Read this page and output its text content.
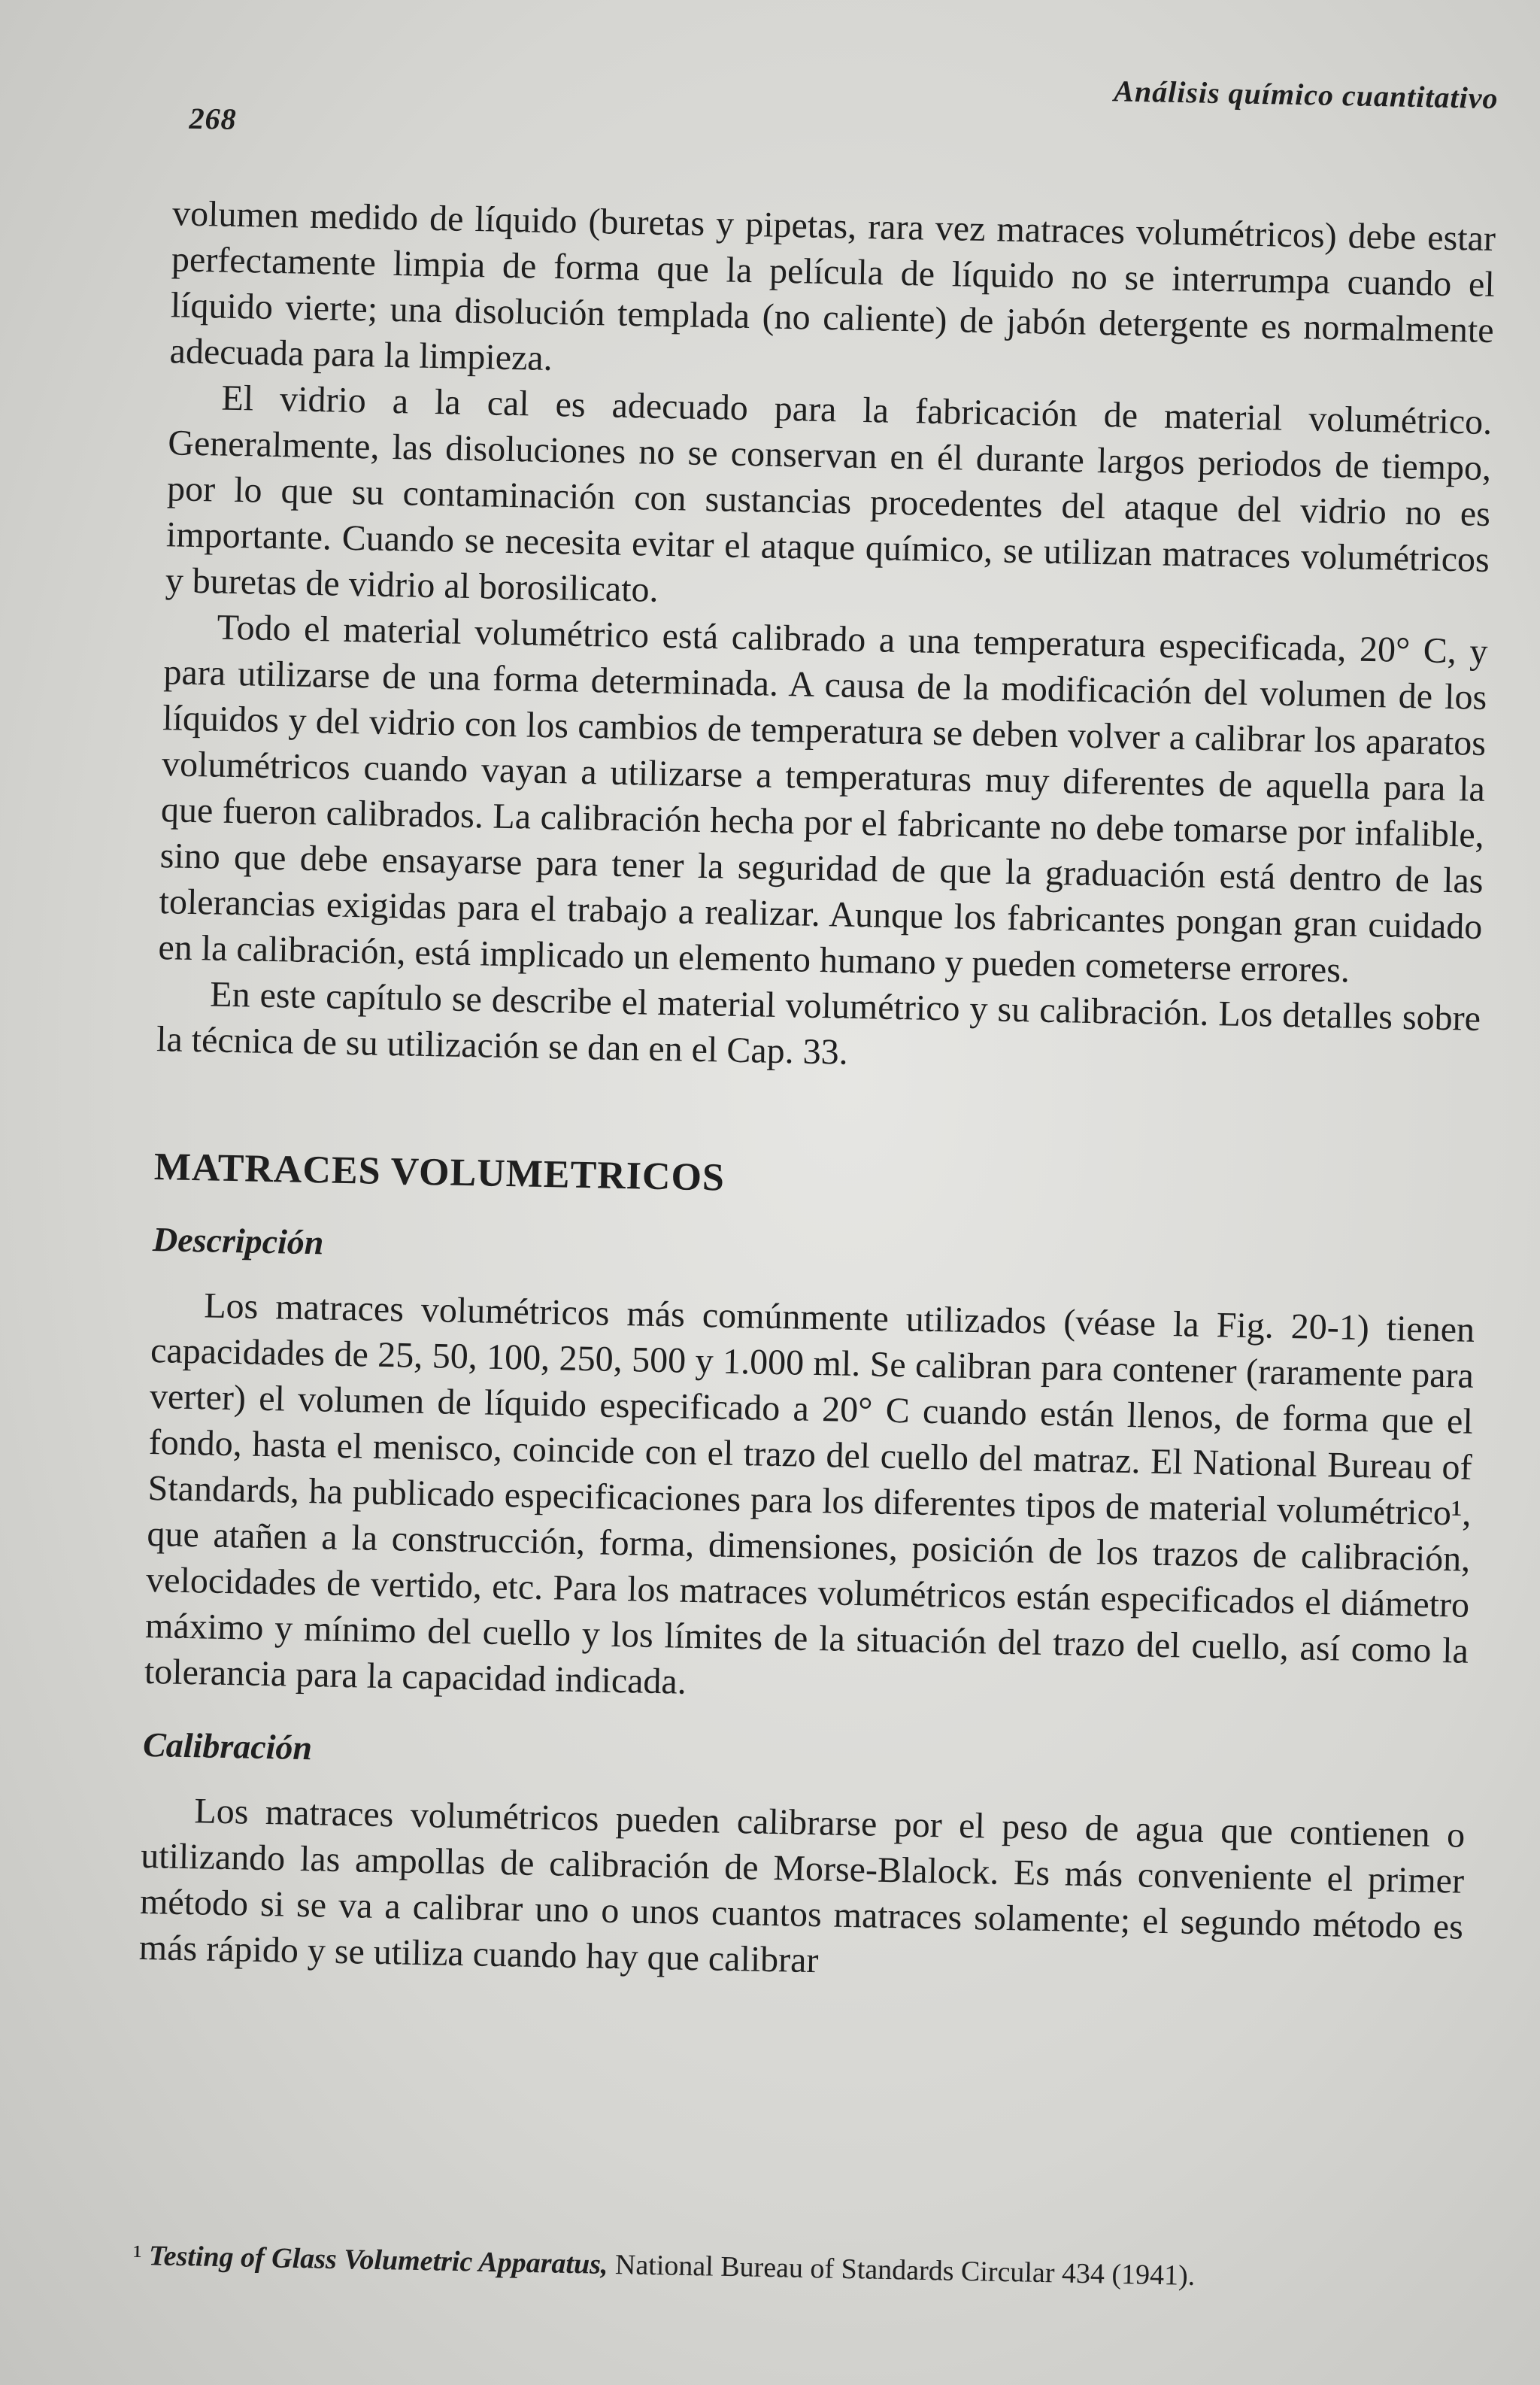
268
Análisis químico cuantitativo

volumen medido de líquido (buretas y pipetas, rara vez matraces volumétricos) debe estar perfectamente limpia de forma que la película de líquido no se interrumpa cuando el líquido vierte; una disolución templada (no caliente) de jabón detergente es normalmente adecuada para la limpieza.

El vidrio a la cal es adecuado para la fabricación de material volumétrico. Generalmente, las disoluciones no se conservan en él durante largos periodos de tiempo, por lo que su contaminación con sustancias procedentes del ataque del vidrio no es importante. Cuando se necesita evitar el ataque químico, se utilizan matraces volumétricos y buretas de vidrio al borosilicato.

Todo el material volumétrico está calibrado a una temperatura especificada, 20° C, y para utilizarse de una forma determinada. A causa de la modificación del volumen de los líquidos y del vidrio con los cambios de temperatura se deben volver a calibrar los aparatos volumétricos cuando vayan a utilizarse a temperaturas muy diferentes de aquella para la que fueron calibrados. La calibración hecha por el fabricante no debe tomarse por infalible, sino que debe ensayarse para tener la seguridad de que la graduación está dentro de las tolerancias exigidas para el trabajo a realizar. Aunque los fabricantes pongan gran cuidado en la calibración, está implicado un elemento humano y pueden cometerse errores.

En este capítulo se describe el material volumétrico y su calibración. Los detalles sobre la técnica de su utilización se dan en el Cap. 33.

MATRACES VOLUMETRICOS
Descripción

Los matraces volumétricos más comúnmente utilizados (véase la Fig. 20-1) tienen capacidades de 25, 50, 100, 250, 500 y 1.000 ml. Se calibran para contener (raramente para verter) el volumen de líquido especificado a 20° C cuando están llenos, de forma que el fondo, hasta el menisco, coincide con el trazo del cuello del matraz. El National Bureau of Standards, ha publicado especificaciones para los diferentes tipos de material volumétrico¹, que atañen a la construcción, forma, dimensiones, posición de los trazos de calibración, velocidades de vertido, etc. Para los matraces volumétricos están especificados el diámetro máximo y mínimo del cuello y los límites de la situación del trazo del cuello, así como la tolerancia para la capacidad indicada.

Calibración

Los matraces volumétricos pueden calibrarse por el peso de agua que contienen o utilizando las ampollas de calibración de Morse-Blalock. Es más conveniente el primer método si se va a calibrar uno o unos cuantos matraces solamente; el segundo método es más rápido y se utiliza cuando hay que calibrar

¹ Testing of Glass Volumetric Apparatus, National Bureau of Standards Circular 434 (1941).
